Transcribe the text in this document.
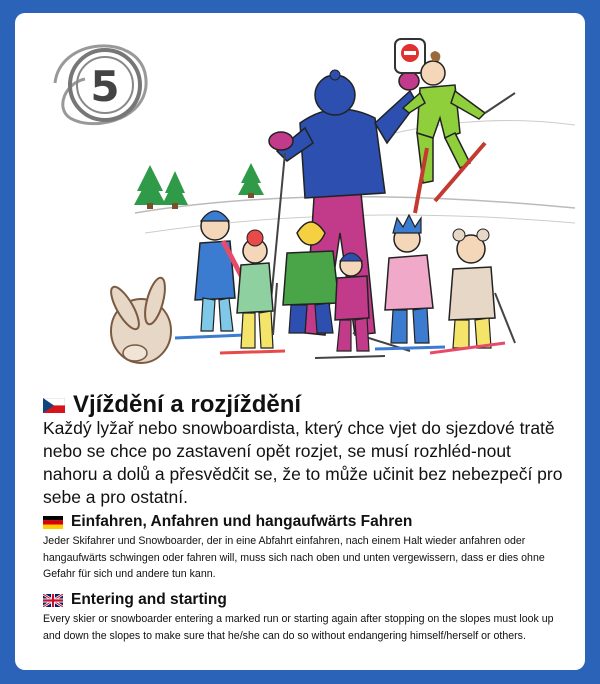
5
Vjíždění a rozjíždění
Každý lyžař nebo snowboardista, který chce vjet do sjezdové tratě nebo se chce po zastavení opět rozjet, se musí rozhléd-nout nahoru a dolů a přesvědčit se, že to může učinit bez nebezpečí pro sebe a pro ostatní.
Einfahren, Anfahren und hangaufwärts Fahren
Jeder Skifahrer und Snowboarder, der in eine Abfahrt einfahren, nach einem Halt wieder anfahren oder hangaufwärts schwingen oder fahren will, muss sich nach oben und unten vergewissern, dass er dies ohne Gefahr für sich und andere tun kann.
Entering and starting
Every skier or snowboarder entering a marked run or starting again after stopping on the slopes must look up and down the slopes to make sure that he/she can do so without endangering himself/herself or others.
